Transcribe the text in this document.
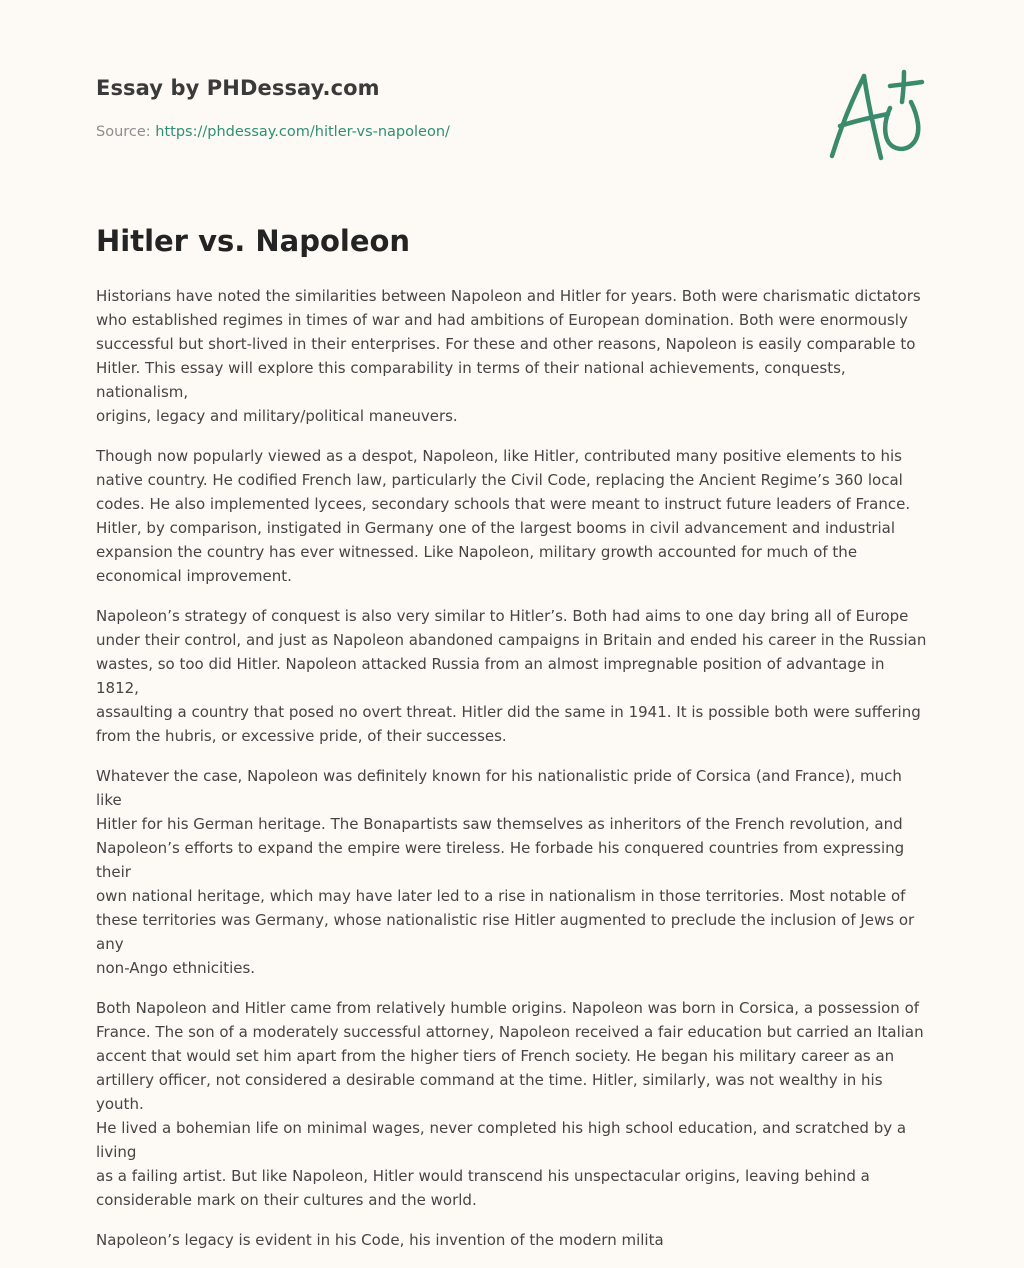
Essay by PHDessay.com
Source: https://phdessay.com/hitler-vs-napoleon/
Hitler vs. Napoleon

Historians have noted the similarities between Napoleon and Hitler for years. Both were charismatic dictators
who established regimes in times of war and had ambitions of European domination. Both were enormously
successful but short-lived in their enterprises. For these and other reasons, Napoleon is easily comparable to
Hitler. This essay will explore this comparability in terms of their national achievements, conquests, nationalism,
origins, legacy and military/political maneuvers.

Though now popularly viewed as a despot, Napoleon, like Hitler, contributed many positive elements to his
native country. He codified French law, particularly the Civil Code, replacing the Ancient Regime’s 360 local
codes. He also implemented lycees, secondary schools that were meant to instruct future leaders of France.
Hitler, by comparison, instigated in Germany one of the largest booms in civil advancement and industrial
expansion the country has ever witnessed. Like Napoleon, military growth accounted for much of the
economical improvement.

Napoleon’s strategy of conquest is also very similar to Hitler’s. Both had aims to one day bring all of Europe
under their control, and just as Napoleon abandoned campaigns in Britain and ended his career in the Russian
wastes, so too did Hitler. Napoleon attacked Russia from an almost impregnable position of advantage in 1812,
assaulting a country that posed no overt threat. Hitler did the same in 1941. It is possible both were suffering
from the hubris, or excessive pride, of their successes.

Whatever the case, Napoleon was definitely known for his nationalistic pride of Corsica (and France), much like
Hitler for his German heritage. The Bonapartists saw themselves as inheritors of the French revolution, and
Napoleon’s efforts to expand the empire were tireless. He forbade his conquered countries from expressing their
own national heritage, which may have later led to a rise in nationalism in those territories. Most notable of
these territories was Germany, whose nationalistic rise Hitler augmented to preclude the inclusion of Jews or any
non-Ango ethnicities.

Both Napoleon and Hitler came from relatively humble origins. Napoleon was born in Corsica, a possession of
France. The son of a moderately successful attorney, Napoleon received a fair education but carried an Italian
accent that would set him apart from the higher tiers of French society. He began his military career as an
artillery officer, not considered a desirable command at the time. Hitler, similarly, was not wealthy in his youth.
He lived a bohemian life on minimal wages, never completed his high school education, and scratched by a living
as a failing artist. But like Napoleon, Hitler would transcend his unspectacular origins, leaving behind a
considerable mark on their cultures and the world.

Napoleon’s legacy is evident in his Code, his invention of the modern milita
